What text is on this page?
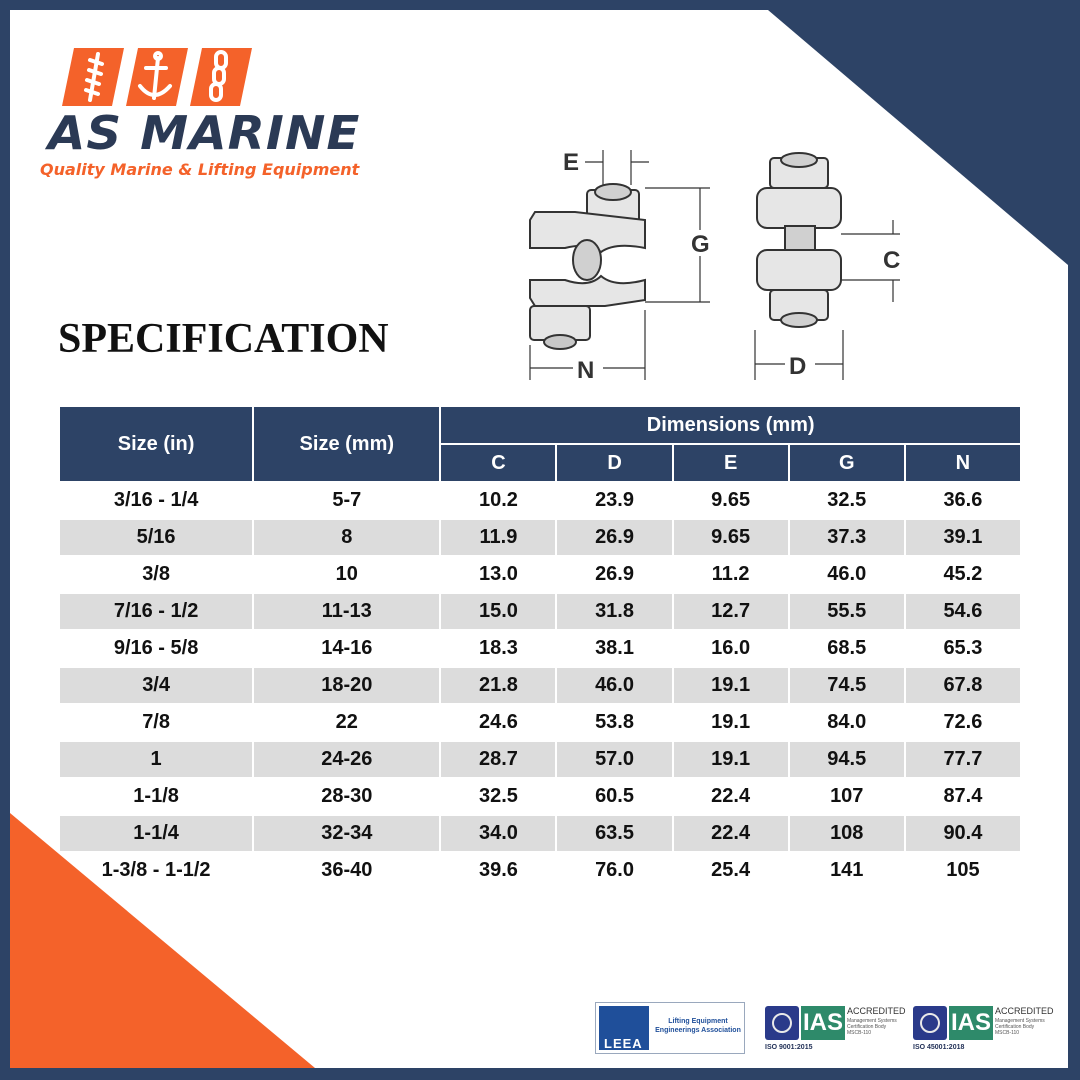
AS MARINE
Quality Marine & Lifting Equipment
SPECIFICATION
E
G
N
C
D
Size (in)	Size (mm)	Dimensions (mm)				
		C	D	E	G	N
3/16 - 1/4	5-7	10.2	23.9	9.65	32.5	36.6
5/16	8	11.9	26.9	9.65	37.3	39.1
3/8	10	13.0	26.9	11.2	46.0	45.2
7/16 - 1/2	11-13	15.0	31.8	12.7	55.5	54.6
9/16 - 5/8	14-16	18.3	38.1	16.0	68.5	65.3
3/4	18-20	21.8	46.0	19.1	74.5	67.8
7/8	22	24.6	53.8	19.1	84.0	72.6
1	24-26	28.7	57.0	19.1	94.5	77.7
1-1/8	28-30	32.5	60.5	22.4	107	87.4
1-1/4	32-34	34.0	63.5	22.4	108	90.4
1-3/8 - 1-1/2	36-40	39.6	76.0	25.4	141	105
LEEA
Lifting Equipment Engineerings Association	IAS ACCREDITED
Management Systems Certification Body MSCB-110
ISO 9001:2015
IAS ACCREDITED
Management Systems Certification Body MSCB-110
ISO 45001:2018
